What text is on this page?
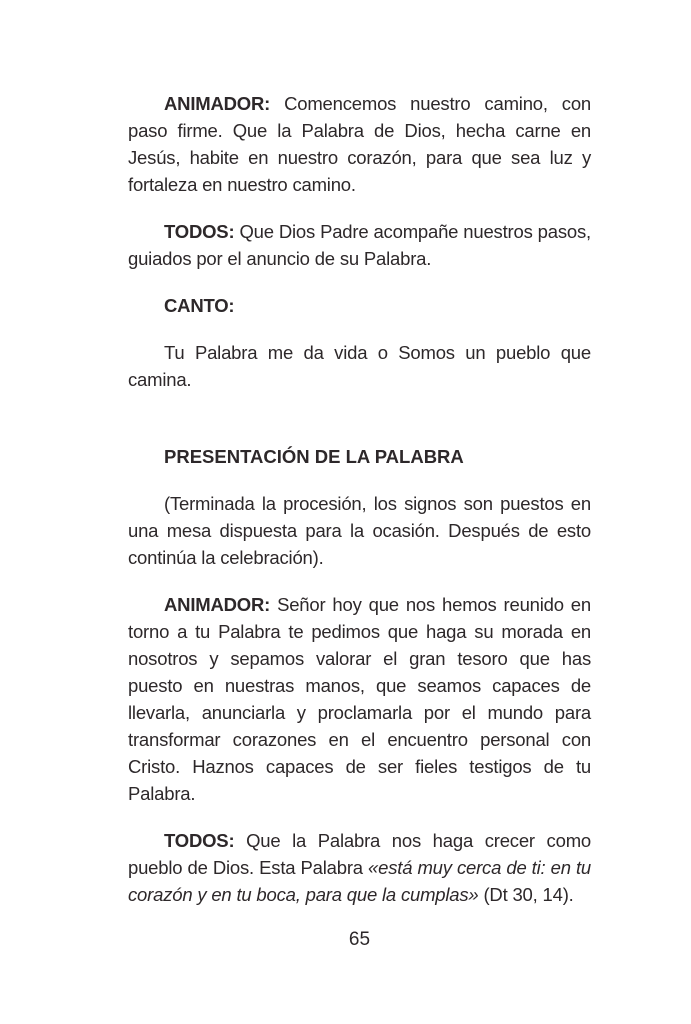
ANIMADOR: Comencemos nuestro camino, con paso firme. Que la Palabra de Dios, hecha carne en Jesús, habite en nuestro corazón, para que sea luz y fortaleza en nuestro camino.

TODOS: Que Dios Padre acompañe nuestros pasos, guiados por el anuncio de su Palabra.

CANTO:

Tu Palabra me da vida o Somos un pueblo que camina.

PRESENTACIÓN DE LA PALABRA

(Terminada la procesión, los signos son puestos en una mesa dispuesta para la ocasión. Después de esto continúa la celebración).

ANIMADOR: Señor hoy que nos hemos reunido en torno a tu Palabra te pedimos que haga su morada en nosotros y sepamos valorar el gran tesoro que has puesto en nuestras manos, que seamos capaces de llevarla, anunciarla y proclamarla por el mundo para transformar corazones en el encuentro personal con Cristo. Haznos capaces de ser fieles testigos de tu Palabra.

TODOS: Que la Palabra nos haga crecer como pueblo de Dios. Esta Palabra «está muy cerca de ti: en tu corazón y en tu boca, para que la cumplas» (Dt 30, 14).

65
